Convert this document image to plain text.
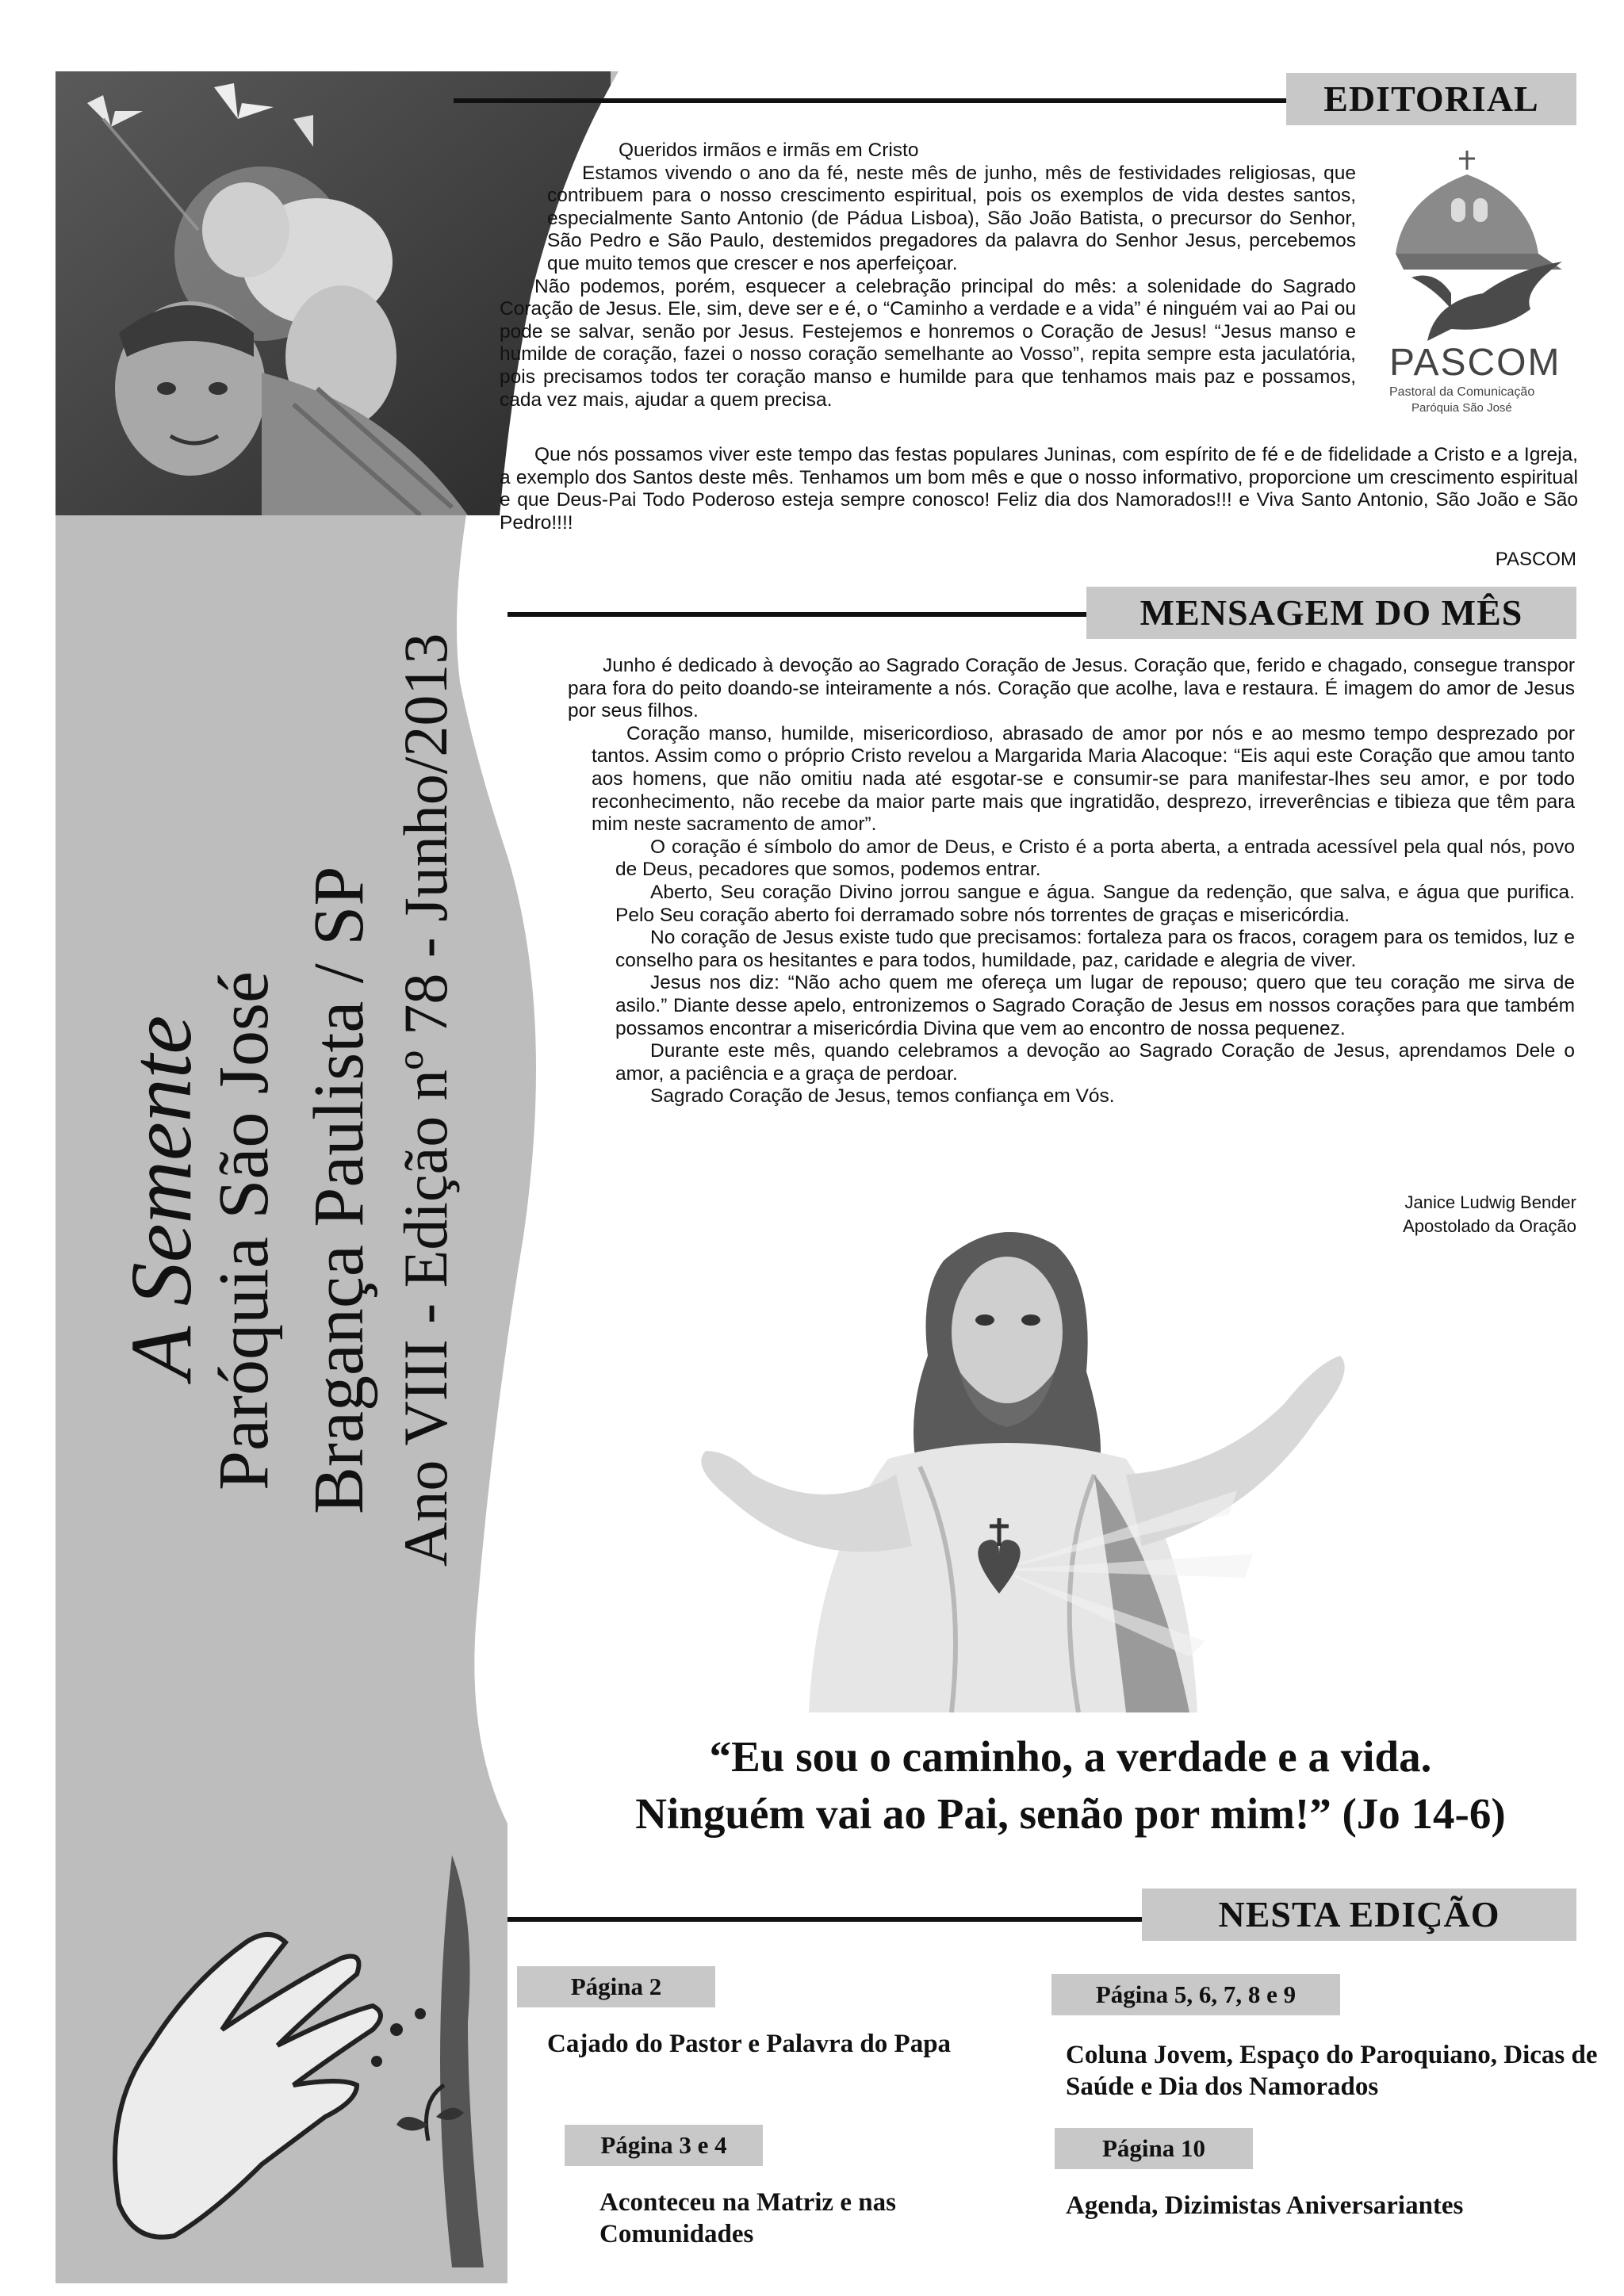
EDITORIAL

Queridos irmãos e irmãs em Cristo

Estamos vivendo o ano da fé, neste mês de junho, mês de festividades religiosas, que contribuem para o nosso crescimento espiritual, pois os exemplos de vida destes santos, especialmente Santo Antonio (de Pádua Lisboa), São João Batista, o precursor do Senhor, São Pedro e São Paulo, destemidos pregadores da palavra do Senhor Jesus, percebemos que muito temos que crescer e nos aperfeiçoar.

Não podemos, porém, esquecer a celebração principal do mês: a solenidade do Sagrado Coração de Jesus. Ele, sim, deve ser e é, o “Caminho a verdade e a vida” é ninguém vai ao Pai ou pode se salvar, senão por Jesus. Festejemos e honremos o Coração de Jesus! “Jesus manso e humilde de coração, fazei o nosso coração semelhante ao Vosso”, repita sempre esta jaculatória, pois precisamos todos ter coração manso e humilde para que tenhamos mais paz e possamos, cada vez mais, ajudar a quem precisa.

Que nós possamos viver este tempo das festas populares Juninas, com espírito de fé e de fidelidade a Cristo e a Igreja, a exemplo dos Santos deste mês. Tenhamos um bom mês e que o nosso informativo, proporcione um crescimento espiritual e que Deus-Pai Todo Poderoso esteja sempre conosco! Feliz dia dos Namorados!!! e Viva Santo Antonio, São João e São Pedro!!!!

PASCOM
PASCOM
Pastoral da Comunicação
Paróquia São José
MENSAGEM DO MÊS

Junho é dedicado à devoção ao Sagrado Coração de Jesus. Coração que, ferido e chagado, consegue transpor para fora do peito doando-se inteiramente a nós. Coração que acolhe, lava e restaura. É imagem do amor de Jesus por seus filhos.

Coração manso, humilde, misericordioso, abrasado de amor por nós e ao mesmo tempo desprezado por tantos. Assim como o próprio Cristo revelou a Margarida Maria Alacoque: “Eis aqui este Coração que amou tanto aos homens, que não omitiu nada até esgotar-se e consumir-se para manifestar-lhes seu amor, e por todo reconhecimento, não recebe da maior parte mais que ingratidão, desprezo, irreverências e tibieza que têm para mim neste sacramento de amor”.

O coração é símbolo do amor de Deus, e Cristo é a porta aberta, a entrada acessível pela qual nós, povo de Deus, pecadores que somos, podemos entrar.

Aberto, Seu coração Divino jorrou sangue e água. Sangue da redenção, que salva, e água que purifica. Pelo Seu coração aberto foi derramado sobre nós torrentes de graças e misericórdia.

No coração de Jesus existe tudo que precisamos: fortaleza para os fracos, coragem para os temidos, luz e conselho para os hesitantes e para todos, humildade, paz, caridade e alegria de viver.

Jesus nos diz: “Não acho quem me ofereça um lugar de repouso; quero que teu coração me sirva de asilo.” Diante desse apelo, entronizemos o Sagrado Coração de Jesus em nossos corações para que também possamos encontrar a misericórdia Divina que vem ao encontro de nossa pequenez.

Durante este mês, quando celebramos a devoção ao Sagrado Coração de Jesus, aprendamos Dele o amor, a paciência e a graça de perdoar.

Sagrado Coração de Jesus, temos confiança em Vós.

Janice Ludwig Bender
Apostolado da Oração
“Eu sou o caminho, a verdade e a vida.
Ninguém vai ao Pai, senão por mim!” (Jo 14-6)
A Semente
Paróquia São José Bragança Paulista / SP Ano VIII - Edição nº 78 - Junho/2013
NESTA EDIÇÃO
Página 2
Cajado do Pastor e Palavra do Papa
Página 3 e 4
Aconteceu na Matriz e nas Comunidades
Página 5, 6, 7, 8 e 9
Coluna Jovem, Espaço do Paroquiano, Dicas de Saúde e Dia dos Namorados
Página 10
Agenda, Dizimistas Aniversariantes
